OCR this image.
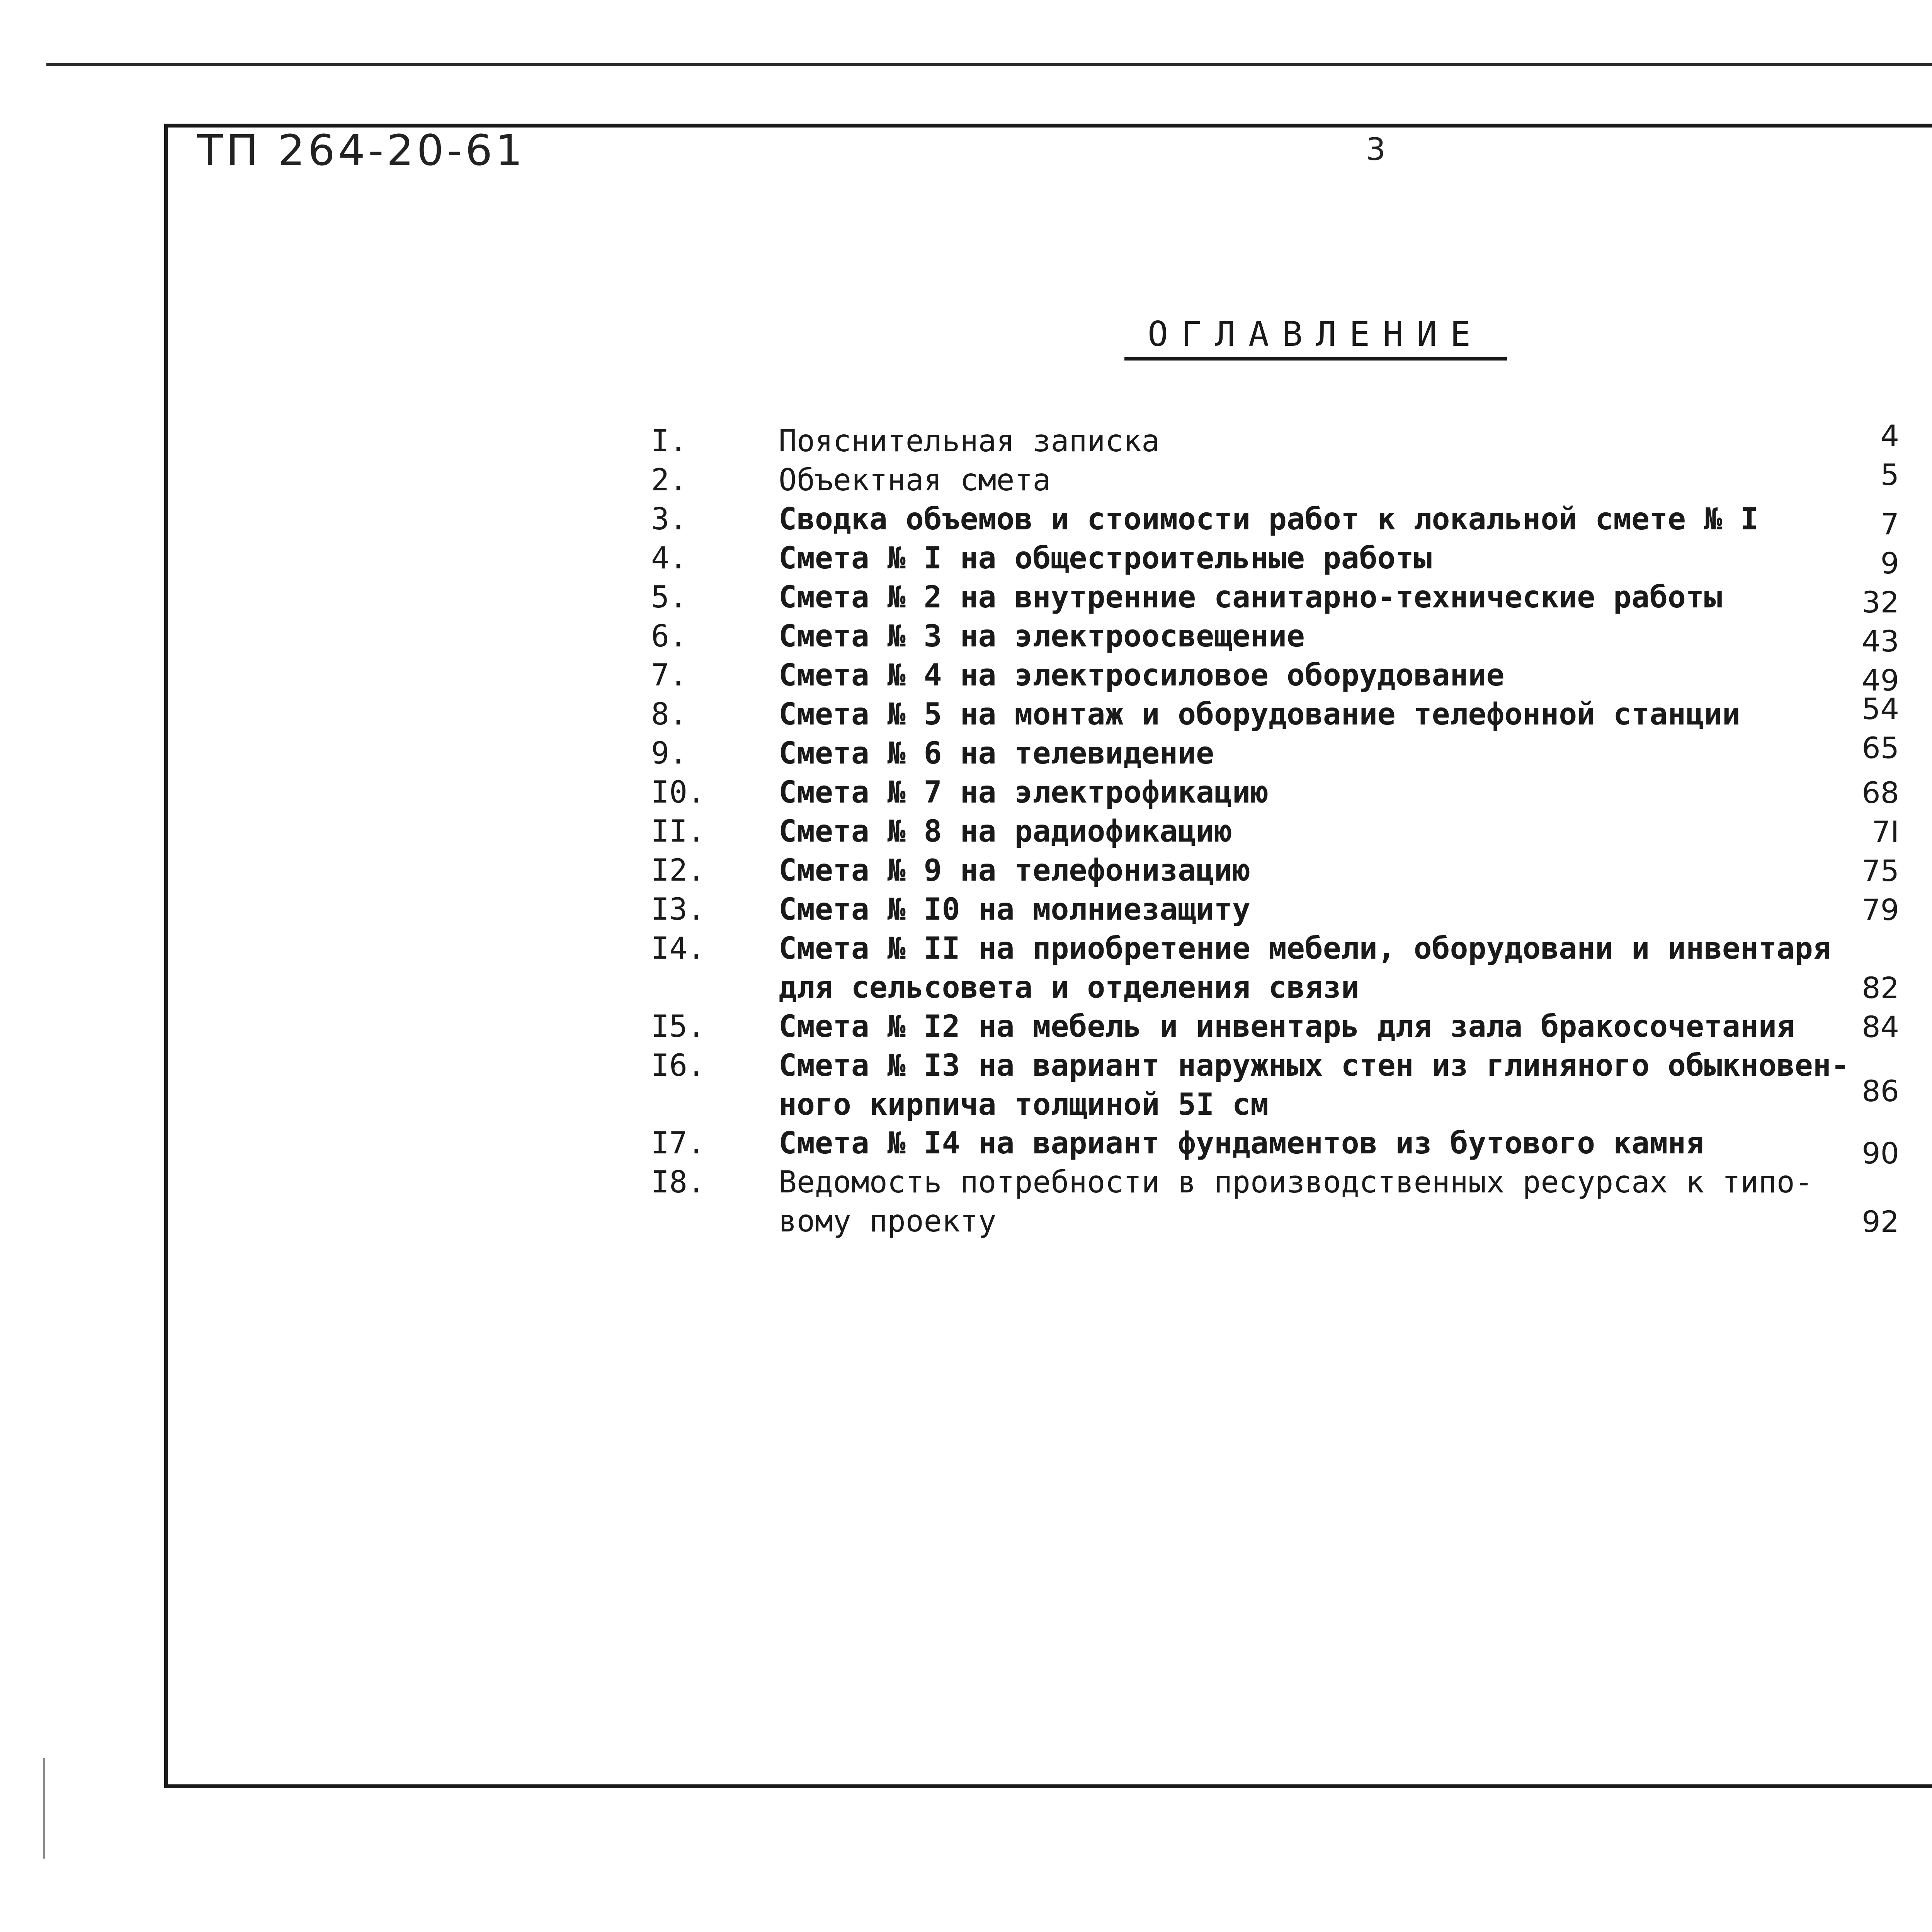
ТП 264-20-61	3
ОГЛАВЛЕНИЕ
I.	Пояснительная записка	4
2.	Объектная смета	5
3.	Сводка объемов и стоимости работ к локальной смете № I	7
4.	Смета № I на общестроительные работы	9
5.	Смета № 2 на внутренние санитарно-технические работы	32
6.	Смета № 3 на электроосвещение	43
7.	Смета № 4 на электросиловое оборудование	49
8.	Смета № 5 на монтаж и оборудование телефонной станции	54
9.	Смета № 6 на телевидение	65
I0. Смета № 7 на электрофикацию	68
II. Смета № 8 на радиофикацию	7I
I2. Смета № 9 на телефонизацию	75
I3. Смета № I0 на молниезащиту	79
I4. Смета № II на приобретение мебели, оборудовани и инвентаря
для сельсовета и отделения связи	82
I5. Смета № I2 на мебель и инвентарь для зала бракосочетания 84
I6. Смета № I3 на вариант наружных стен из глиняного обыкновен-
ного кирпича толщиной 5I см	86
I7. Смета № I4 на вариант фундаментов из бутового камня	90
I8. Ведомость потребности в производственных ресурсах к типо-
вому проекту	92
